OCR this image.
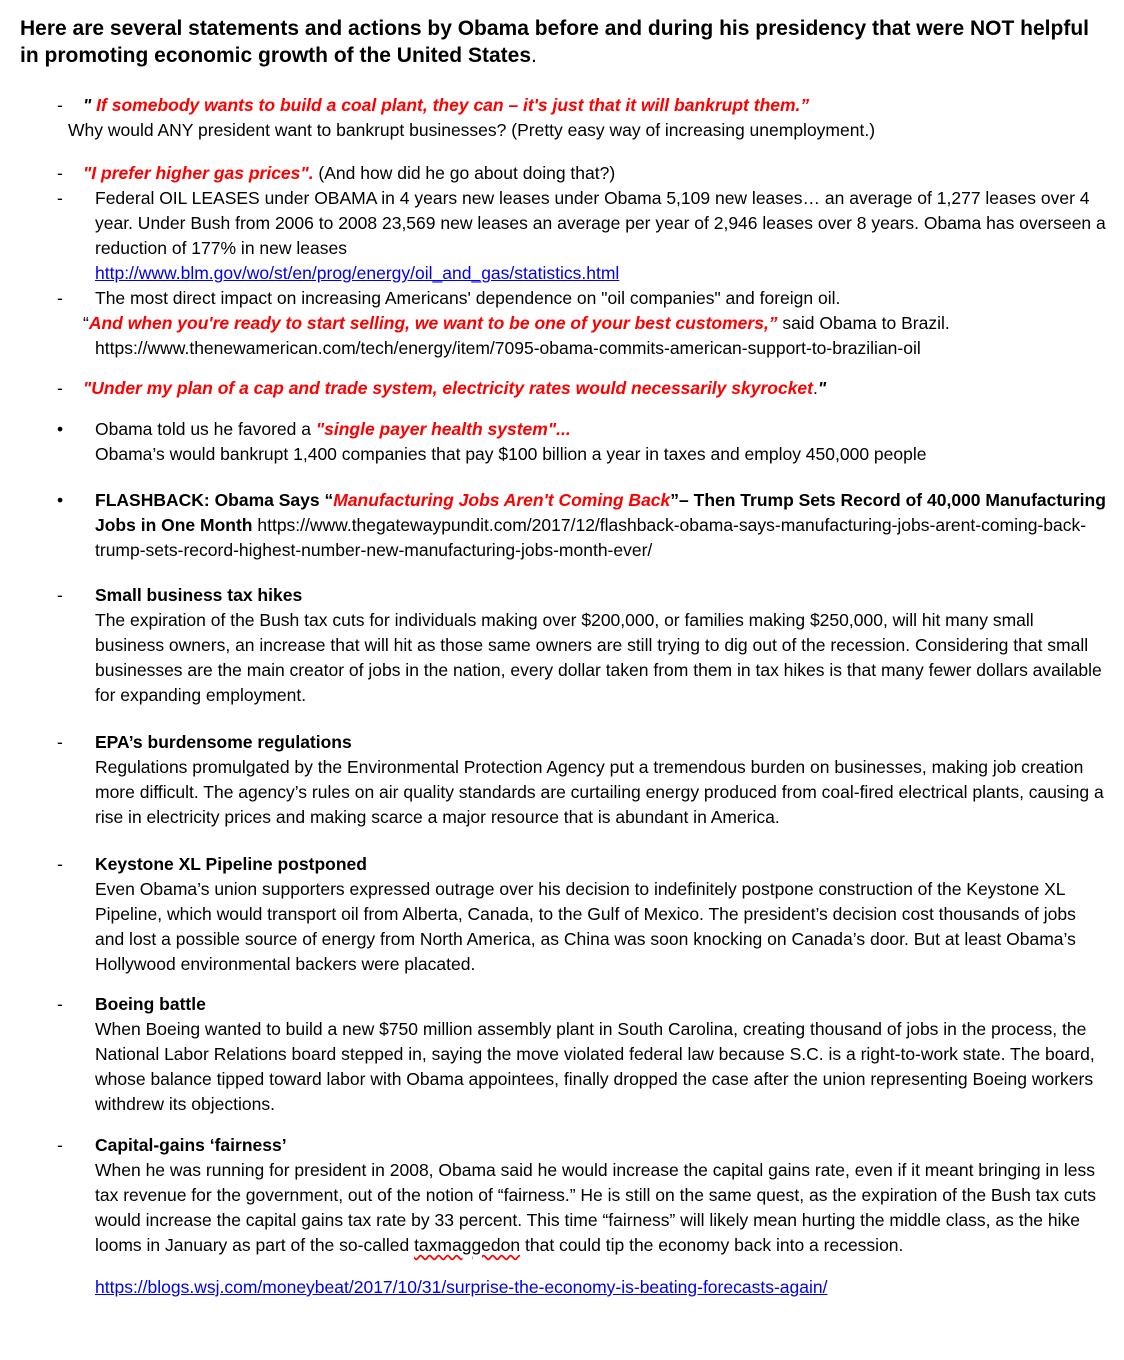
Here are several statements and actions by Obama before and during his presidency that were NOT helpful in promoting economic growth of the United States.
-	" If somebody wants to build a coal plant, they can – it's just that it will bankrupt them.”
Why would ANY president want to bankrupt businesses? (Pretty easy way of increasing unemployment.)
-	"I prefer higher gas prices". (And how did he go about doing that?)
-	Federal OIL LEASES under OBAMA in 4 years new leases under Obama 5,109 new leases… an average of 1,277 leases over 4 year. Under Bush from 2006 to 2008 23,569 new leases an average per year of 2,946 leases over 8 years. Obama has overseen a reduction of 177% in new leases
http://www.blm.gov/wo/st/en/prog/energy/oil_and_gas/statistics.html
-	The most direct impact on increasing Americans' dependence on "oil companies" and foreign oil.
“And when you're ready to start selling, we want to be one of your best customers,” said Obama to Brazil.
https://www.thenewamerican.com/tech/energy/item/7095-obama-commits-american-support-to-brazilian-oil
-	"Under my plan of a cap and trade system, electricity rates would necessarily skyrocket."
•	Obama told us he favored a "single payer health system"...
Obama’s would bankrupt 1,400 companies that pay $100 billion a year in taxes and employ 450,000 people
•	FLASHBACK: Obama Says “Manufacturing Jobs Aren't Coming Back”– Then Trump Sets Record of 40,000 Manufacturing Jobs in One Month https://www.thegatewaypundit.com/2017/12/flashback-obama-says-manufacturing-jobs-arent-coming-back-trump-sets-record-highest-number-new-manufacturing-jobs-month-ever/
-	Small business tax hikes
The expiration of the Bush tax cuts for individuals making over $200,000, or families making $250,000, will hit many small business owners, an increase that will hit as those same owners are still trying to dig out of the recession. Considering that small businesses are the main creator of jobs in the nation, every dollar taken from them in tax hikes is that many fewer dollars available for expanding employment.
-	EPA’s burdensome regulations
Regulations promulgated by the Environmental Protection Agency put a tremendous burden on businesses, making job creation more difficult. The agency’s rules on air quality standards are curtailing energy produced from coal-fired electrical plants, causing a rise in electricity prices and making scarce a major resource that is abundant in America.
-	Keystone XL Pipeline postponed
Even Obama’s union supporters expressed outrage over his decision to indefinitely postpone construction of the Keystone XL Pipeline, which would transport oil from Alberta, Canada, to the Gulf of Mexico. The president’s decision cost thousands of jobs and lost a possible source of energy from North America, as China was soon knocking on Canada’s door. But at least Obama’s Hollywood environmental backers were placated.
-	Boeing battle
When Boeing wanted to build a new $750 million assembly plant in South Carolina, creating thousand of jobs in the process, the National Labor Relations board stepped in, saying the move violated federal law because S.C. is a right-to-work state. The board, whose balance tipped toward labor with Obama appointees, finally dropped the case after the union representing Boeing workers withdrew its objections.
-	Capital-gains ‘fairness’
When he was running for president in 2008, Obama said he would increase the capital gains rate, even if it meant bringing in less tax revenue for the government, out of the notion of “fairness.” He is still on the same quest, as the expiration of the Bush tax cuts would increase the capital gains tax rate by 33 percent. This time “fairness” will likely mean hurting the middle class, as the hike looms in January as part of the so-called taxmaggedon that could tip the economy back into a recession.
https://blogs.wsj.com/moneybeat/2017/10/31/surprise-the-economy-is-beating-forecasts-again/
